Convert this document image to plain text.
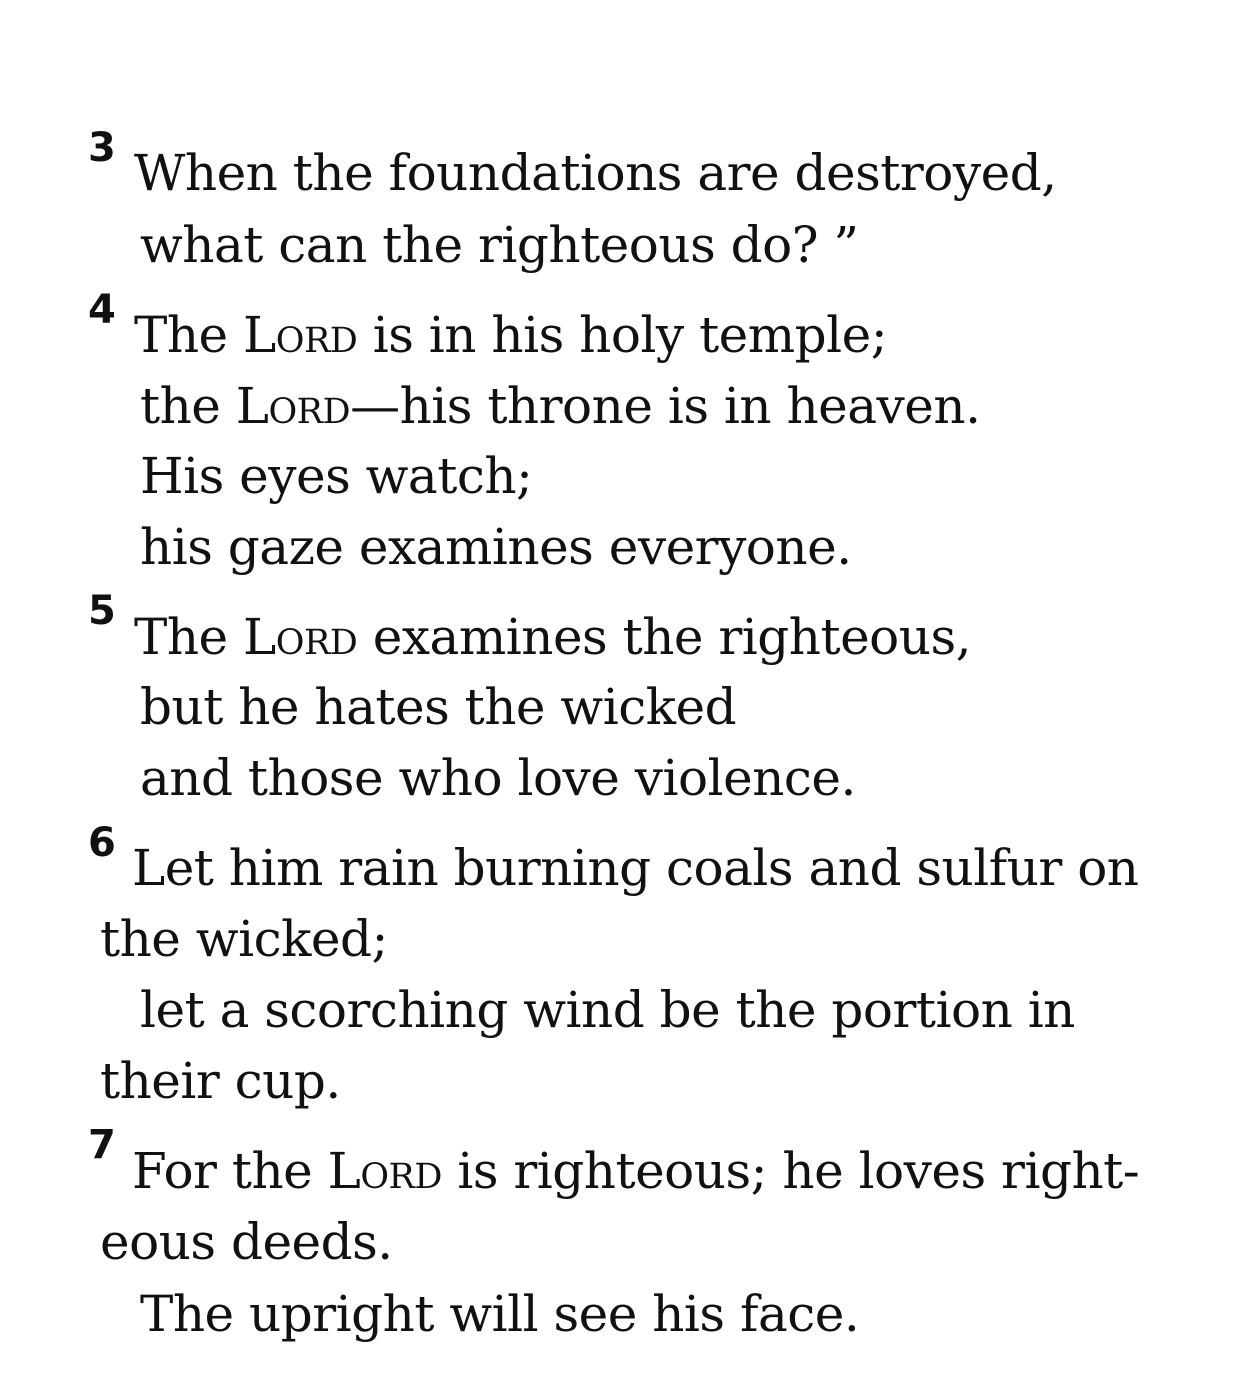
3 When the foundations are destroyed,
what can the righteous do? ”
4 The Lord is in his holy temple;
the Lord—his throne is in heaven.
His eyes watch;
his gaze examines everyone.
5 The Lord examines the righteous,
but he hates the wicked
and those who love violence.
6 Let him rain burning coals and sulfur on
the wicked;
let a scorching wind be the portion in
their cup.
7 For the Lord is righteous; he loves right-
eous deeds.
The upright will see his face.
